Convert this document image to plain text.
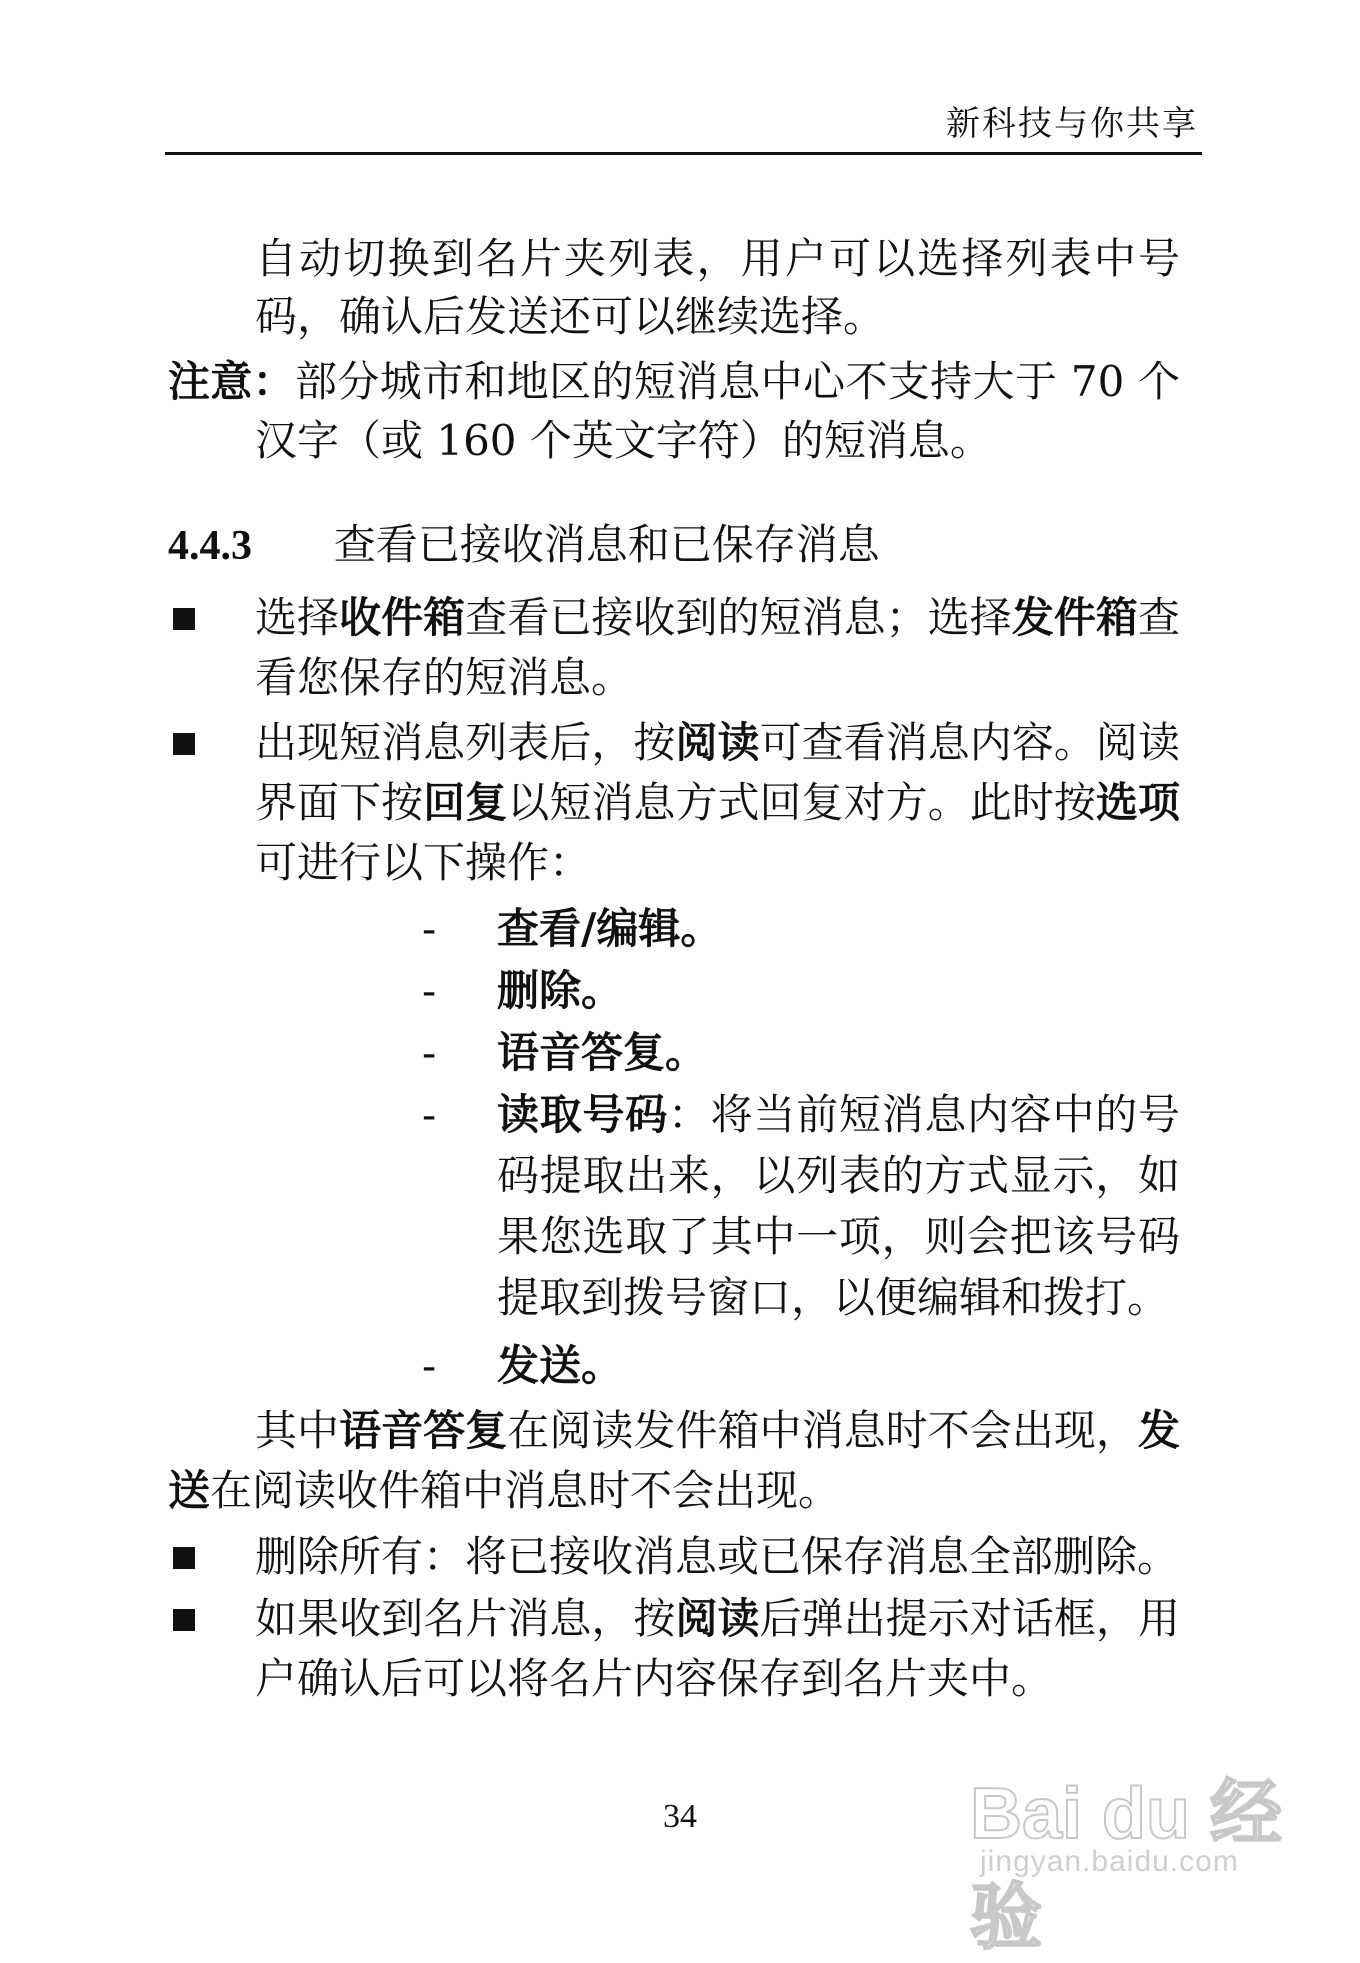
新科技与你共享
自动切换到名片夹列表，用户可以选择列表中号
码，确认后发送还可以继续选择。
注意：部分城市和地区的短消息中心不支持大于 70 个
汉字（或 160 个英文字符）的短消息。
4.4.3 查看已接收消息和已保存消息
选择收件箱查看已接收到的短消息；选择发件箱查
看您保存的短消息。
出现短消息列表后，按阅读可查看消息内容。阅读
界面下按回复以短消息方式回复对方。此时按选项
可进行以下操作：
- 查看/编辑。
- 删除。
- 语音答复。
- 读取号码：将当前短消息内容中的号
码提取出来，以列表的方式显示，如
果您选取了其中一项，则会把该号码
提取到拨号窗口，以便编辑和拨打。
- 发送。
其中语音答复在阅读发件箱中消息时不会出现，发
送在阅读收件箱中消息时不会出现。
删除所有：将已接收消息或已保存消息全部删除。
如果收到名片消息，按阅读后弹出提示对话框，用
户确认后可以将名片内容保存到名片夹中。
34	Bai du 经验
jingyan.baidu.com
